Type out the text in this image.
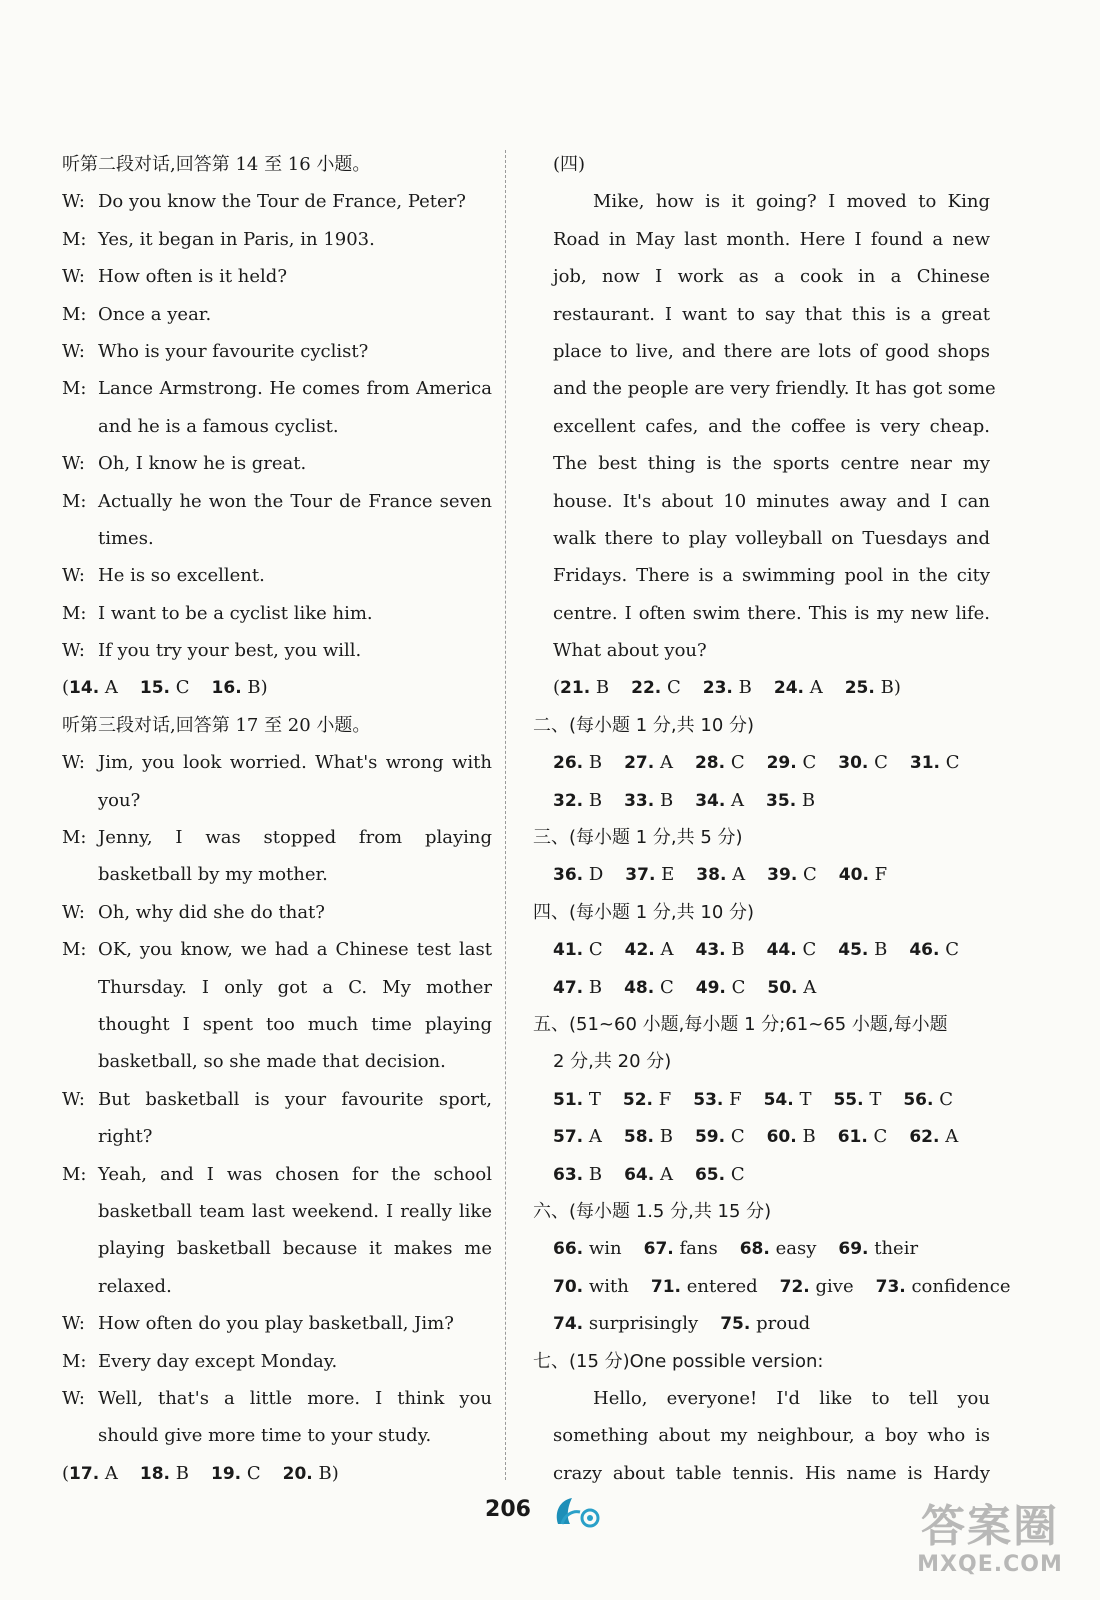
听第二段对话,回答第 14 至 16 小题。
W: Do you know the Tour de France, Peter?
M: Yes, it began in Paris, in 1903.
W: How often is it held?
M: Once a year.
W: Who is your favourite cyclist?
M: Lance Armstrong. He comes from America
and he is a famous cyclist.
W: Oh, I know he is great.
M: Actually he won the Tour de France seven
times.
W: He is so excellent.
M: I want to be a cyclist like him.
W: If you try your best, you will.
(14. A 15. C 16. B)
听第三段对话,回答第 17 至 20 小题。
W: Jim, you look worried. What's wrong with
you?
M: Jenny, I was stopped from playing
basketball by my mother.
W: Oh, why did she do that?
M: OK, you know, we had a Chinese test last
Thursday. I only got a C. My mother
thought I spent too much time playing
basketball, so she made that decision.
W: But basketball is your favourite sport,
right?
M: Yeah, and I was chosen for the school
basketball team last weekend. I really like
playing basketball because it makes me
relaxed.
W: How often do you play basketball, Jim?
M: Every day except Monday.
W: Well, that's a little more. I think you
should give more time to your study.
(17. A 18. B 19. C 20. B)
(四)
Mike, how is it going? I moved to King
Road in May last month. Here I found a new
job, now I work as a cook in a Chinese
restaurant. I want to say that this is a great
place to live, and there are lots of good shops
and the people are very friendly. It has got some
excellent cafes, and the coffee is very cheap.
The best thing is the sports centre near my
house. It's about 10 minutes away and I can
walk there to play volleyball on Tuesdays and
Fridays. There is a swimming pool in the city
centre. I often swim there. This is my new life.
What about you?
(21. B 22. C 23. B 24. A 25. B)
二、(每小题 1 分,共 10 分)
26. B 27. A 28. C 29. C 30. C 31. C
32. B 33. B 34. A 35. B
三、(每小题 1 分,共 5 分)
36. D 37. E 38. A 39. C 40. F
四、(每小题 1 分,共 10 分)
41. C 42. A 43. B 44. C 45. B 46. C
47. B 48. C 49. C 50. A
五、(51~60 小题,每小题 1 分;61~65 小题,每小题
2 分,共 20 分)
51. T 52. F 53. F 54. T 55. T 56. C
57. A 58. B 59. C 60. B 61. C 62. A
63. B 64. A 65. C
六、(每小题 1.5 分,共 15 分)
66. win 67. fans 68. easy 69. their
70. with 71. entered 72. give 73. confidence
74. surprisingly 75. proud
七、(15 分)One possible version:
Hello, everyone! I'd like to tell you
something about my neighbour, a boy who is
crazy about table tennis. His name is Hardy
206	答案圈
MXQE.COM
